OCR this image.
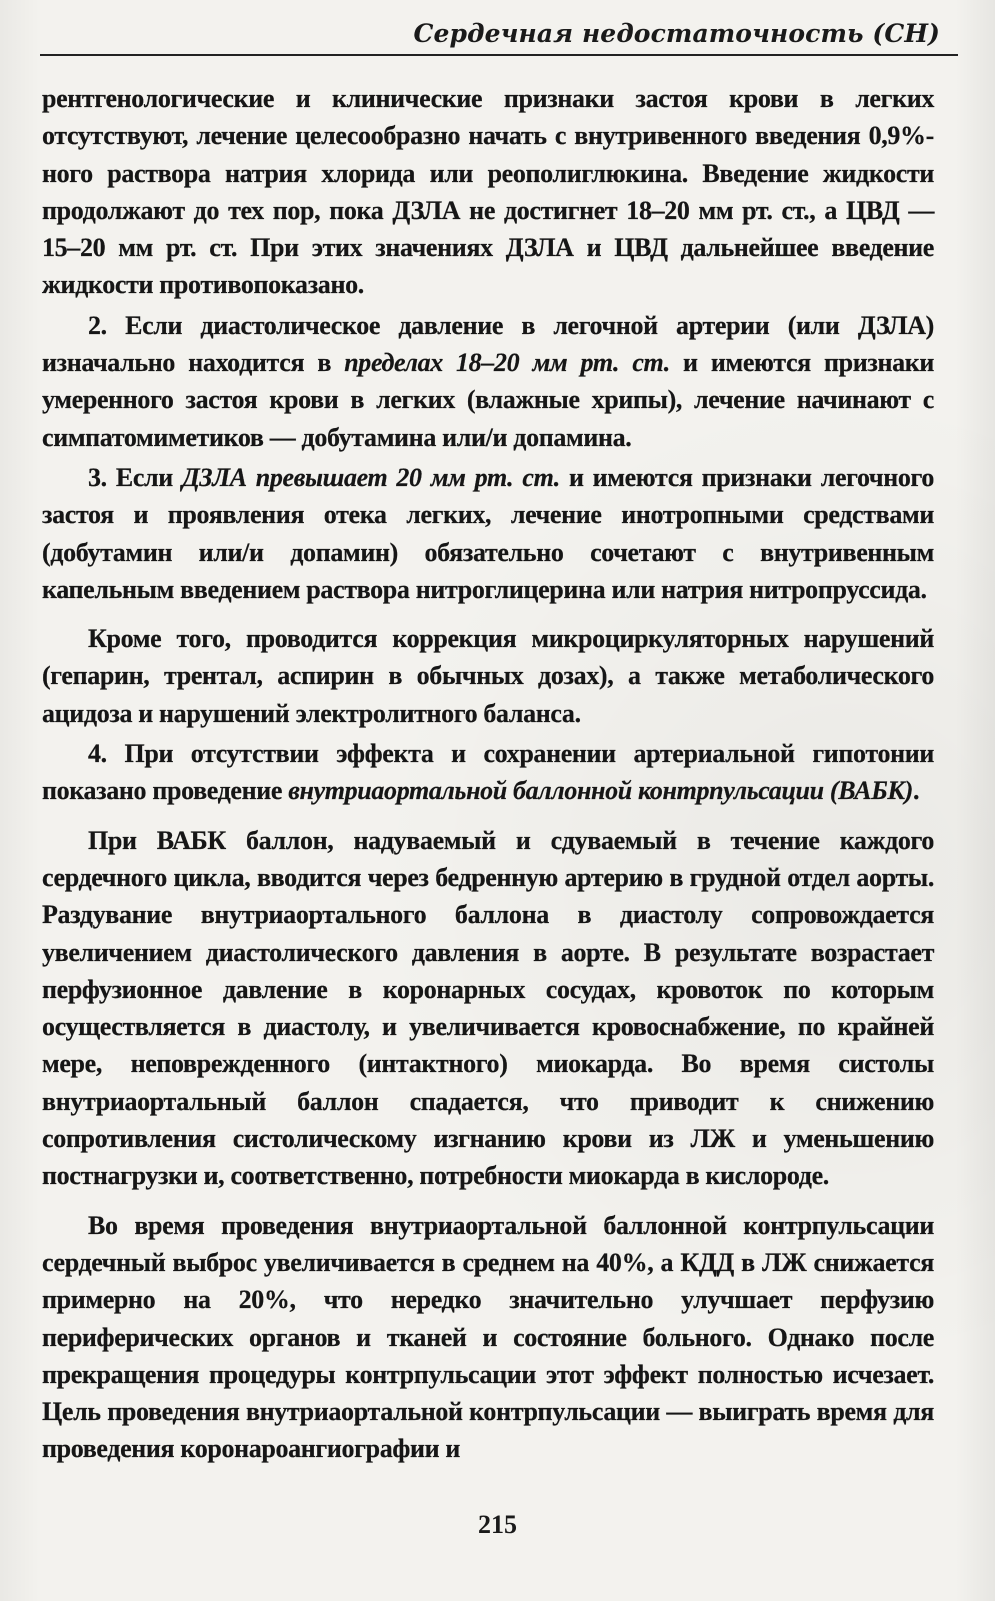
Сердечная недостаточность (СН)

рентгенологические и клинические признаки застоя крови в легких отсутствуют, лечение целесообразно начать с внутривенного введения 0,9%-ного раствора натрия хлорида или реополиглюкина. Введение жидкости продолжают до тех пор, пока ДЗЛА не достигнет 18–20 мм рт. ст., а ЦВД — 15–20 мм рт. ст. При этих значениях ДЗЛА и ЦВД дальнейшее введение жидкости противопоказано.

2. Если диастолическое давление в легочной артерии (или ДЗЛА) изначально находится в пределах 18–20 мм рт. ст. и имеются признаки умеренного застоя крови в легких (влажные хрипы), лечение начинают с симпатомиметиков — добутамина или/и допамина.

3. Если ДЗЛА превышает 20 мм рт. ст. и имеются признаки легочного застоя и проявления отека легких, лечение инотропными средствами (добутамин или/и допамин) обязательно сочетают с внутривенным капельным введением раствора нитроглицерина или натрия нитропруссида.

Кроме того, проводится коррекция микроциркуляторных нарушений (гепарин, трентал, аспирин в обычных дозах), а также метаболического ацидоза и нарушений электролитного баланса.

4. При отсутствии эффекта и сохранении артериальной гипотонии показано проведение внутриаортальной баллонной контрпульсации (ВАБК).

При ВАБК баллон, надуваемый и сдуваемый в течение каждого сердечного цикла, вводится через бедренную артерию в грудной отдел аорты. Раздувание внутриаортального баллона в диастолу сопровождается увеличением диастолического давления в аорте. В результате возрастает перфузионное давление в коронарных сосудах, кровоток по которым осуществляется в диастолу, и увеличивается кровоснабжение, по крайней мере, неповрежденного (интактного) миокарда. Во время систолы внутриаортальный баллон спадается, что приводит к снижению сопротивления систолическому изгнанию крови из ЛЖ и уменьшению постнагрузки и, соответственно, потребности миокарда в кислороде.

Во время проведения внутриаортальной баллонной контрпульсации сердечный выброс увеличивается в среднем на 40%, а КДД в ЛЖ снижается примерно на 20%, что нередко значительно улучшает перфузию периферических органов и тканей и состояние больного. Однако после прекращения процедуры контрпульсации этот эффект полностью исчезает. Цель проведения внутриаортальной контрпульсации — выиграть время для проведения коронароангиографии и

215
